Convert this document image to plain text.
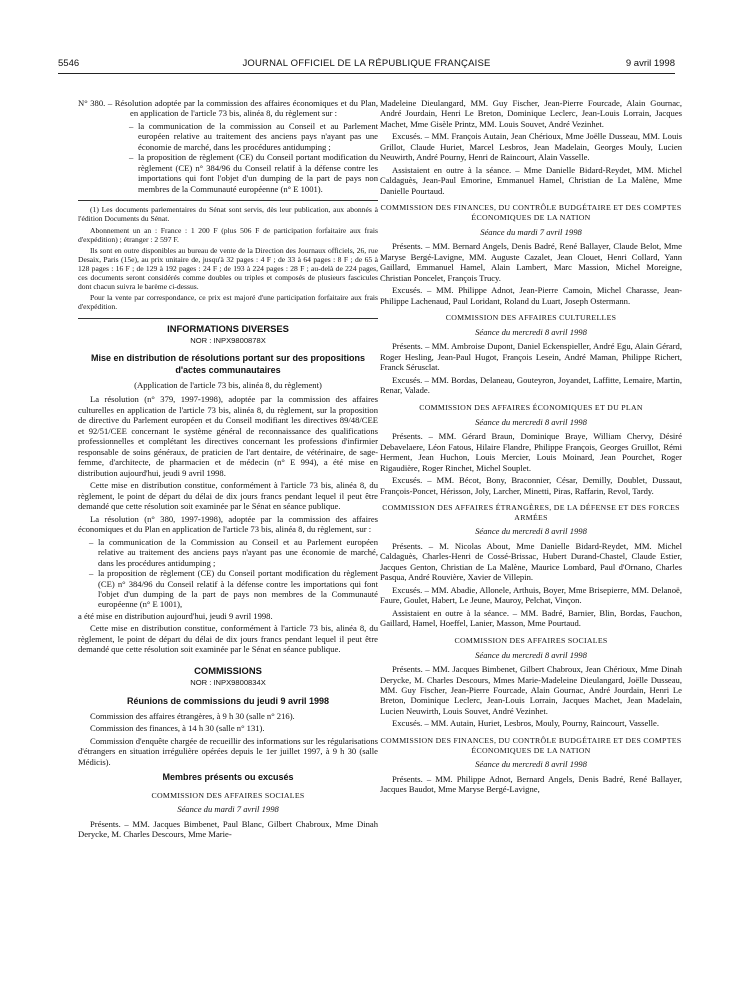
5546	JOURNAL OFFICIEL DE LA RÉPUBLIQUE FRANÇAISE	9 avril 1998

N° 380. – Résolution adoptée par la commission des affaires économiques et du Plan, en application de l'article 73 bis, alinéa 8, du règlement sur :

– la communication de la commission au Conseil et au Parlement européen relative au traitement des anciens pays n'ayant pas une économie de marché, dans les procédures antidumping ;
– la proposition de règlement (CE) du Conseil portant modification du règlement (CE) n° 384/96 du Conseil relatif à la défense contre les importations qui font l'objet d'un dumping de la part de pays non membres de la Communauté européenne (n° E 1001).

(1) Les documents parlementaires du Sénat sont servis, dès leur publication, aux abonnés à l'édition Documents du Sénat.

Abonnement un an : France : 1 200 F (plus 506 F de participation forfaitaire aux frais d'expédition) ; étranger : 2 597 F.

Ils sont en outre disponibles au bureau de vente de la Direction des Journaux officiels, 26, rue Desaix, Paris (15e), au prix unitaire de, jusqu'à 32 pages : 4 F ; de 33 à 64 pages : 8 F ; de 65 à 128 pages : 16 F ; de 129 à 192 pages : 24 F ; de 193 à 224 pages : 28 F ; au-delà de 224 pages, ces documents seront considérés comme doubles ou triples et composés de plusieurs fascicules dont chacun suivra le barème ci-dessus.

Pour la vente par correspondance, ce prix est majoré d'une participation forfaitaire aux frais d'expédition.

INFORMATIONS DIVERSES
NOR : INPX9800878X
Mise en distribution de résolutions portant sur des propositions d'actes communautaires

(Application de l'article 73 bis, alinéa 8, du règlement)

La résolution (n° 379, 1997-1998), adoptée par la commission des affaires culturelles en application de l'article 73 bis, alinéa 8, du règlement, sur la proposition de directive du Parlement européen et du Conseil modifiant les directives 89/48/CEE et 92/51/CEE concernant le système général de reconnaissance des qualifications professionnelles et complétant les directives concernant les professions d'infirmier responsable de soins généraux, de praticien de l'art dentaire, de vétérinaire, de sage-femme, d'architecte, de pharmacien et de médecin (n° E 994), a été mise en distribution aujourd'hui, jeudi 9 avril 1998.

Cette mise en distribution constitue, conformément à l'article 73 bis, alinéa 8, du règlement, le point de départ du délai de dix jours francs pendant lequel il peut être demandé que cette résolution soit examinée par le Sénat en séance publique.

La résolution (n° 380, 1997-1998), adoptée par la commission des affaires économiques et du Plan en application de l'article 73 bis, alinéa 8, du règlement, sur :

– la communication de la Commission au Conseil et au Parlement européen relative au traitement des anciens pays n'ayant pas une économie de marché, dans les procédures antidumping ;
– la proposition de règlement (CE) du Conseil portant modification du règlement (CE) n° 384/96 du Conseil relatif à la défense contre les importations qui font l'objet d'un dumping de la part de pays non membres de la Communauté européenne (n° E 1001),

a été mise en distribution aujourd'hui, jeudi 9 avril 1998.

Cette mise en distribution constitue, conformément à l'article 73 bis, alinéa 8, du règlement, le point de départ du délai de dix jours francs pendant lequel il peut être demandé que cette résolution soit examinée par le Sénat en séance publique.

COMMISSIONS
NOR : INPX9800834X
Réunions de commissions du jeudi 9 avril 1998

Commission des affaires étrangères, à 9 h 30 (salle n° 216).

Commission des finances, à 14 h 30 (salle n° 131).

Commission d'enquête chargée de recueillir des informations sur les régularisations d'étrangers en situation irrégulière opérées depuis le 1er juillet 1997, à 9 h 30 (salle Médicis).

Membres présents ou excusés
COMMISSION DES AFFAIRES SOCIALES
Séance du mardi 7 avril 1998

Présents. – MM. Jacques Bimbenet, Paul Blanc, Gilbert Chabroux, Mme Dinah Derycke, M. Charles Descours, Mme Marie-

Madeleine Dieulangard, MM. Guy Fischer, Jean-Pierre Fourcade, Alain Gournac, André Jourdain, Henri Le Breton, Dominique Leclerc, Jean-Louis Lorrain, Jacques Machet, Mme Gisèle Printz, MM. Louis Souvet, André Vezinhet.

Excusés. – MM. François Autain, Jean Chérioux, Mme Joëlle Dusseau, MM. Louis Grillot, Claude Huriet, Marcel Lesbros, Jean Madelain, Georges Mouly, Lucien Neuwirth, André Pourny, Henri de Raincourt, Alain Vasselle.

Assistaient en outre à la séance. – Mme Danielle Bidard-Reydet, MM. Michel Caldaguès, Jean-Paul Emorine, Emmanuel Hamel, Christian de La Malène, Mme Danielle Pourtaud.

COMMISSION DES FINANCES, DU CONTRÔLE BUDGÉTAIRE ET DES COMPTES ÉCONOMIQUES DE LA NATION
Séance du mardi 7 avril 1998

Présents. – MM. Bernard Angels, Denis Badré, René Ballayer, Claude Belot, Mme Maryse Bergé-Lavigne, MM. Auguste Cazalet, Jean Clouet, Henri Collard, Yann Gaillard, Emmanuel Hamel, Alain Lambert, Marc Massion, Michel Moreigne, Christian Poncelet, François Trucy.

Excusés. – MM. Philippe Adnot, Jean-Pierre Camoin, Michel Charasse, Jean-Philippe Lachenaud, Paul Loridant, Roland du Luart, Joseph Ostermann.

COMMISSION DES AFFAIRES CULTURELLES
Séance du mercredi 8 avril 1998

Présents. – MM. Ambroise Dupont, Daniel Eckenspieller, André Egu, Alain Gérard, Roger Hesling, Jean-Paul Hugot, François Lesein, André Maman, Philippe Richert, Franck Sérusclat.

Excusés. – MM. Bordas, Delaneau, Gouteyron, Joyandet, Laffitte, Lemaire, Martin, Renar, Valade.

COMMISSION DES AFFAIRES ÉCONOMIQUES ET DU PLAN
Séance du mercredi 8 avril 1998

Présents. – MM. Gérard Braun, Dominique Braye, William Chervy, Désiré Debavelaere, Léon Fatous, Hilaire Flandre, Philippe François, Georges Gruillot, Rémi Herment, Jean Huchon, Louis Mercier, Louis Moinard, Jean Pourchet, Roger Rigaudière, Roger Rinchet, Michel Souplet.

Excusés. – MM. Bécot, Bony, Braconnier, César, Demilly, Doublet, Dussaut, François-Poncet, Hérisson, Joly, Larcher, Minetti, Piras, Raffarin, Revol, Tardy.

COMMISSION DES AFFAIRES ÉTRANGÈRES, DE LA DÉFENSE ET DES FORCES ARMÉES
Séance du mercredi 8 avril 1998

Présents. – M. Nicolas About, Mme Danielle Bidard-Reydet, MM. Michel Caldaguès, Charles-Henri de Cossé-Brissac, Hubert Durand-Chastel, Claude Estier, Jacques Genton, Christian de La Malène, Maurice Lombard, Paul d'Ornano, Charles Pasqua, André Rouvière, Xavier de Villepin.

Excusés. – MM. Abadie, Allonele, Arthuis, Boyer, Mme Brisepierre, MM. Delanoë, Faure, Goulet, Habert, Le Jeune, Mauroy, Pelchat, Vinçon.

Assistaient en outre à la séance. – MM. Badré, Barnier, Blin, Bordas, Fauchon, Gaillard, Hamel, Hoeffel, Lanier, Masson, Mme Pourtaud.

COMMISSION DES AFFAIRES SOCIALES
Séance du mercredi 8 avril 1998

Présents. – MM. Jacques Bimbenet, Gilbert Chabroux, Jean Chérioux, Mme Dinah Derycke, M. Charles Descours, Mmes Marie-Madeleine Dieulangard, Joëlle Dusseau, MM. Guy Fischer, Jean-Pierre Fourcade, Alain Gournac, André Jourdain, Henri Le Breton, Dominique Leclerc, Jean-Louis Lorrain, Jacques Machet, Jean Madelain, Lucien Neuwirth, Louis Souvet, André Vezinhet.

Excusés. – MM. Autain, Huriet, Lesbros, Mouly, Pourny, Raincourt, Vasselle.

COMMISSION DES FINANCES, DU CONTRÔLE BUDGÉTAIRE ET DES COMPTES ÉCONOMIQUES DE LA NATION
Séance du mercredi 8 avril 1998

Présents. – MM. Philippe Adnot, Bernard Angels, Denis Badré, René Ballayer, Jacques Baudot, Mme Maryse Bergé-Lavigne,
